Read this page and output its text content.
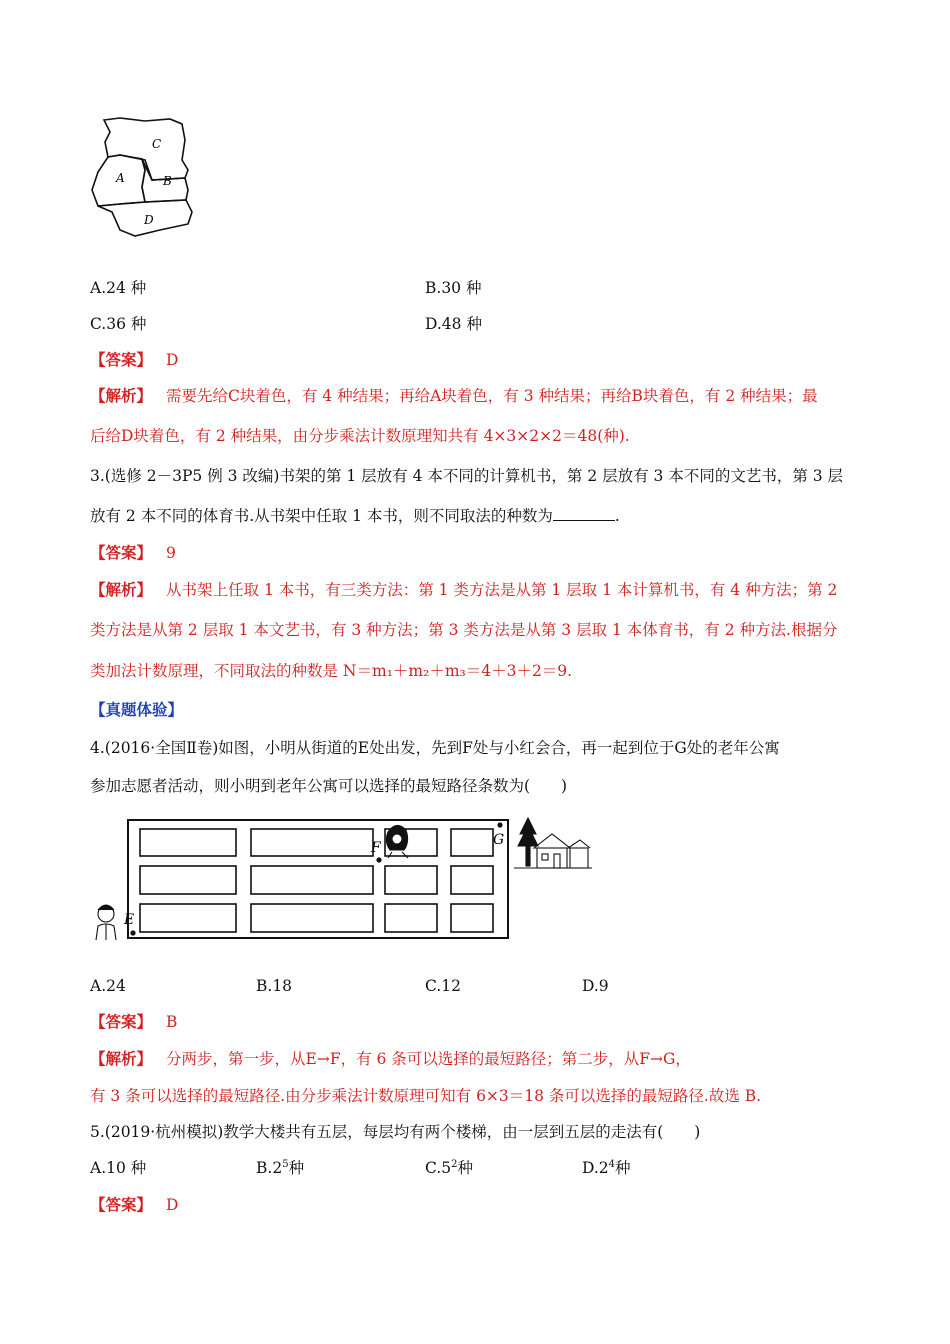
C
A	B
D
A.24 种	B.30 种
C.36 种	D.48 种
【答案】 D
【解析】 需要先给C块着色，有 4 种结果；再给A块着色，有 3 种结果；再给B块着色，有 2 种结果；最
后给D块着色，有 2 种结果，由分步乘法计数原理知共有 4×3×2×2＝48(种).
3.(选修 2－3P5 例 3 改编)书架的第 1 层放有 4 本不同的计算机书，第 2 层放有 3 本不同的文艺书，第 3 层
放有 2 本不同的体育书.从书架中任取 1 本书，则不同取法的种数为	.
【答案】 9
【解析】 从书架上任取 1 本书，有三类方法：第 1 类方法是从第 1 层取 1 本计算机书，有 4 种方法；第 2
类方法是从第 2 层取 1 本文艺书，有 3 种方法；第 3 类方法是从第 3 层取 1 本体育书，有 2 种方法.根据分
类加法计数原理，不同取法的种数是 N＝m₁＋m₂＋m₃＝4＋3＋2＝9.
【真题体验】
4.(2016·全国Ⅱ卷)如图，小明从街道的E处出发，先到F处与小红会合，再一起到位于G处的老年公寓
参加志愿者活动，则小明到老年公寓可以选择的最短路径条数为(　　)
E
F	G
A.24	B.18	C.12	D.9
【答案】 B
【解析】 分两步，第一步，从E→F，有 6 条可以选择的最短路径；第二步，从F→G，
有 3 条可以选择的最短路径.由分步乘法计数原理可知有 6×3＝18 条可以选择的最短路径.故选 B.
5.(2019·杭州模拟)教学大楼共有五层，每层均有两个楼梯，由一层到五层的走法有(　　)
A.10 种	$B.2^5$种	$C.5^2$种	$D.2^4$种
【答案】 D
